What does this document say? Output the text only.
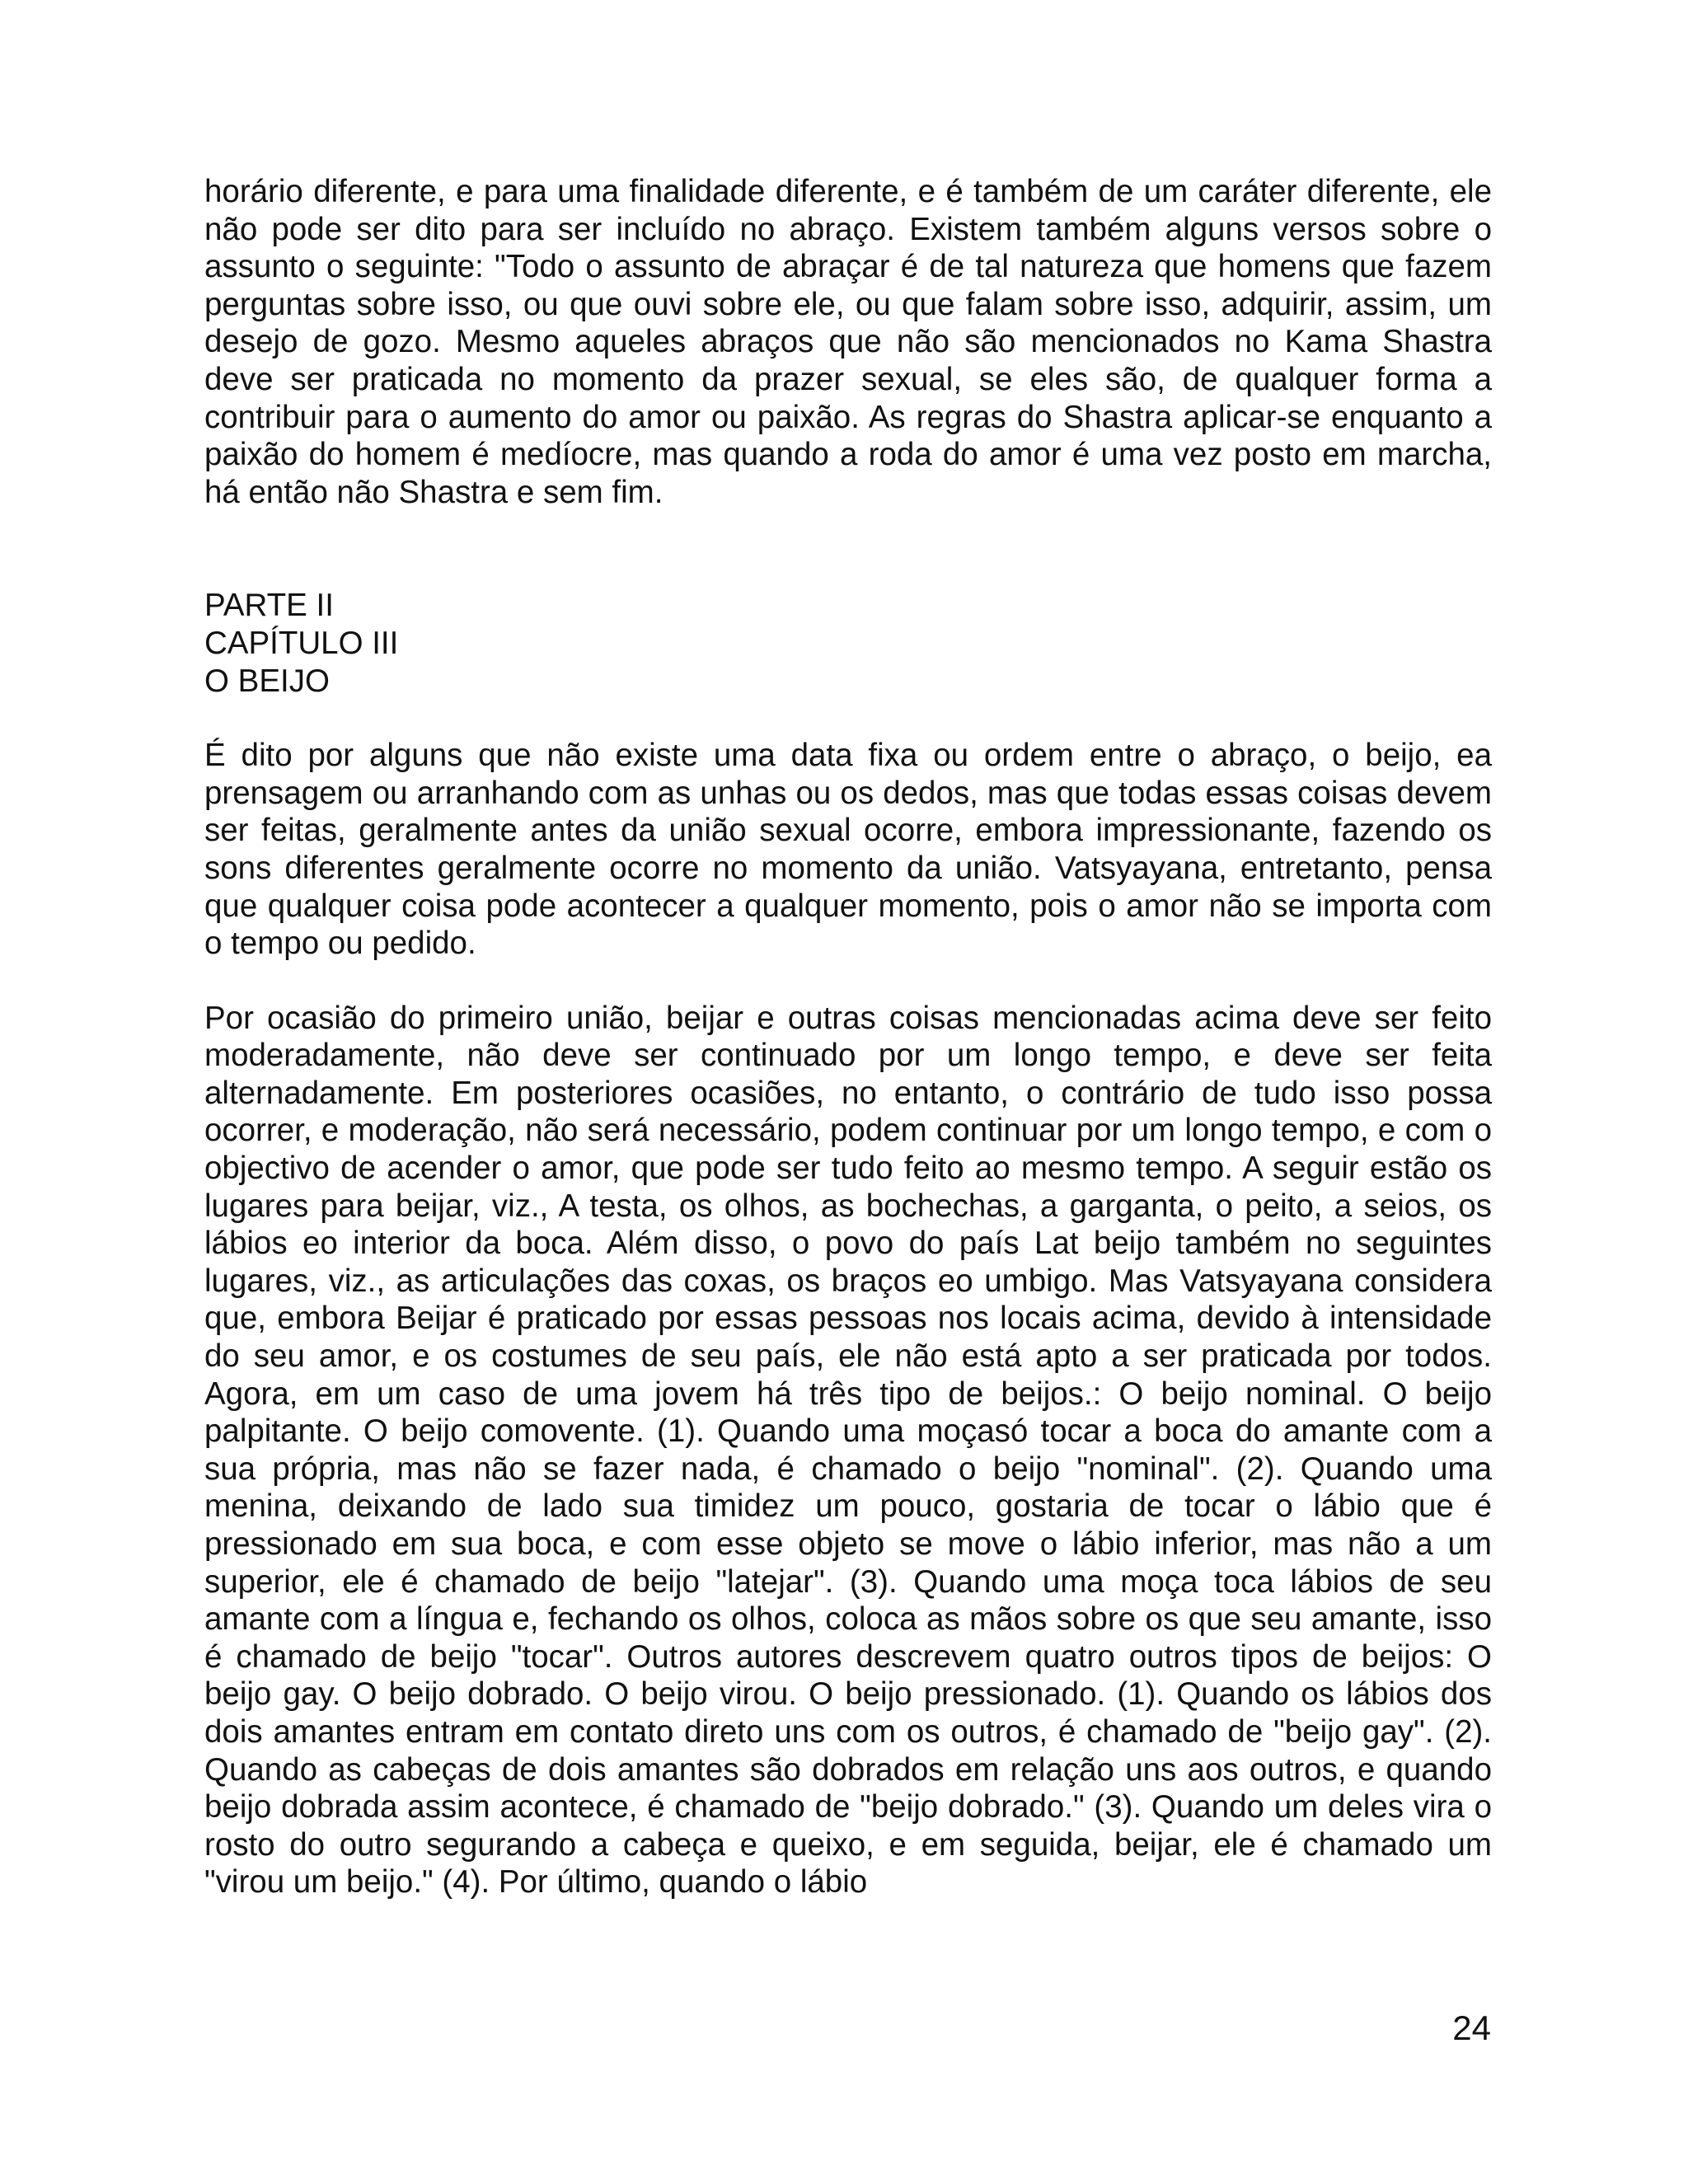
horário diferente, e para uma finalidade diferente, e é também de um caráter diferente, ele não pode ser dito para ser incluído no abraço. Existem também alguns versos sobre o assunto o seguinte: "Todo o assunto de abraçar é de tal natureza que homens que fazem perguntas sobre isso, ou que ouvi sobre ele, ou que falam sobre isso, adquirir, assim, um desejo de gozo. Mesmo aqueles abraços que não são mencionados no Kama Shastra deve ser praticada no momento da prazer sexual, se eles são, de qualquer forma a contribuir para o aumento do amor ou paixão. As regras do Shastra aplicar-se enquanto a paixão do homem é medíocre, mas quando a roda do amor é uma vez posto em marcha, há então não Shastra e sem fim.

PARTE II
CAPÍTULO III
O BEIJO

É dito por alguns que não existe uma data fixa ou ordem entre o abraço, o beijo, ea prensagem ou arranhando com as unhas ou os dedos, mas que todas essas coisas devem ser feitas, geralmente antes da união sexual ocorre, embora impressionante, fazendo os sons diferentes geralmente ocorre no momento da união. Vatsyayana, entretanto, pensa que qualquer coisa pode acontecer a qualquer momento, pois o amor não se importa com o tempo ou pedido.

Por ocasião do primeiro união, beijar e outras coisas mencionadas acima deve ser feito moderadamente, não deve ser continuado por um longo tempo, e deve ser feita alternadamente. Em posteriores ocasiões, no entanto, o contrário de tudo isso possa ocorrer, e moderação, não será necessário, podem continuar por um longo tempo, e com o objectivo de acender o amor, que pode ser tudo feito ao mesmo tempo. A seguir estão os lugares para beijar, viz., A testa, os olhos, as bochechas, a garganta, o peito, a seios, os lábios eo interior da boca. Além disso, o povo do país Lat beijo também no seguintes lugares, viz., as articulações das coxas, os braços eo umbigo. Mas Vatsyayana considera que, embora Beijar é praticado por essas pessoas nos locais acima, devido à intensidade do seu amor, e os costumes de seu país, ele não está apto a ser praticada por todos. Agora, em um caso de uma jovem há três tipo de beijos.: O beijo nominal. O beijo palpitante. O beijo comovente. (1). Quando uma moçasó tocar a boca do amante com a sua própria, mas não se fazer nada, é chamado o beijo "nominal". (2). Quando uma menina, deixando de lado sua timidez um pouco, gostaria de tocar o lábio que é pressionado em sua boca, e com esse objeto se move o lábio inferior, mas não a um superior, ele é chamado de beijo "latejar". (3). Quando uma moça toca lábios de seu amante com a língua e, fechando os olhos, coloca as mãos sobre os que seu amante, isso é chamado de beijo "tocar". Outros autores descrevem quatro outros tipos de beijos: O beijo gay. O beijo dobrado. O beijo virou. O beijo pressionado. (1). Quando os lábios dos dois amantes entram em contato direto uns com os outros, é chamado de "beijo gay". (2). Quando as cabeças de dois amantes são dobrados em relação uns aos outros, e quando beijo dobrada assim acontece, é chamado de "beijo dobrado." (3). Quando um deles vira o rosto do outro segurando a cabeça e queixo, e em seguida, beijar, ele é chamado um "virou um beijo." (4). Por último, quando o lábio

24
